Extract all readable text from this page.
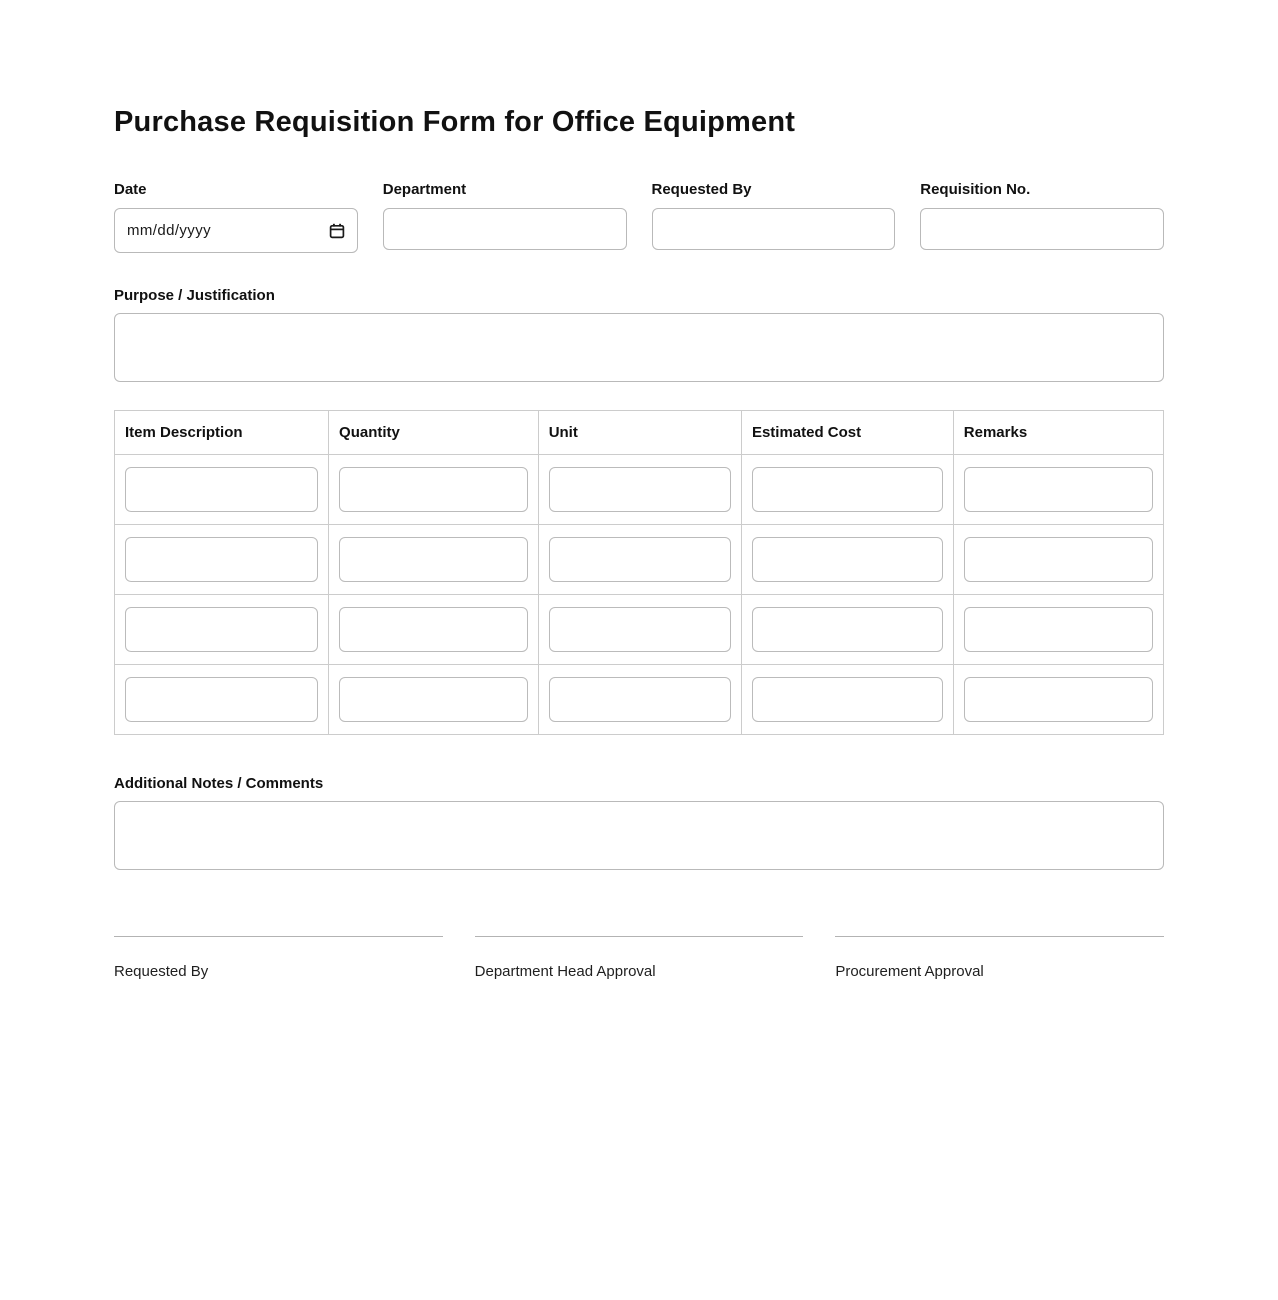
Purchase Requisition Form for Office Equipment
Date
mm/dd/yyyy
Department	Requested By	Requisition No.
Purpose / Justification
Item Description	Quantity	Unit	Estimated Cost	Remarks

Additional Notes / Comments
Requested By	Department Head Approval	Procurement Approval
